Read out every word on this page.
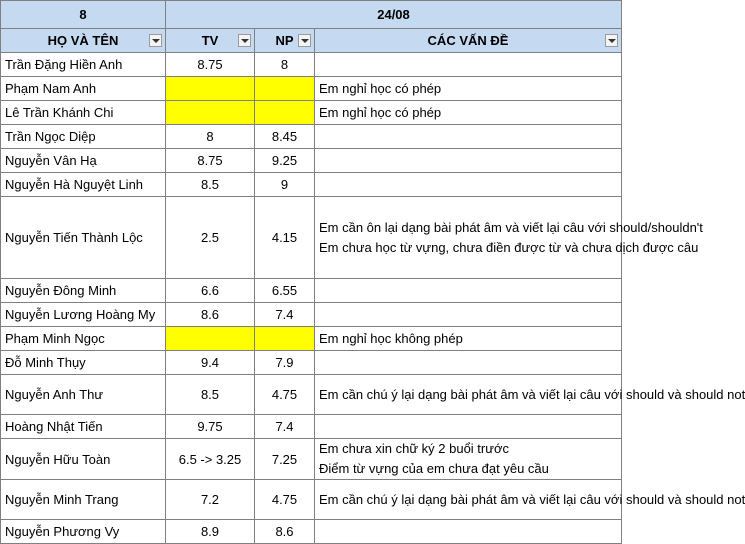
8	24/08		
HỌ VÀ TÊN	TV	NP	CÁC VẤN ĐỀ

Trần Đặng Hiền Anh	8.75	8	
Phạm Nam Anh			Em nghỉ học có phép
Lê Trần Khánh Chi			Em nghỉ học có phép
Trần Ngọc Diệp	8	8.45	
Nguyễn Vân Hạ	8.75	9.25	
Nguyễn Hà Nguyệt Linh	8.5	9	
Nguyễn Tiến Thành Lộc	2.5	4.15	Em cần ôn lại dạng bài phát âm và viết lại câu với should/shouldn't
Em chưa học từ vựng, chưa điền được từ và chưa dịch được câu
Nguyễn Đông Minh	6.6	6.55	
Nguyễn Lương Hoàng My	8.6	7.4	
Phạm Minh Ngọc			Em nghỉ học không phép
Đỗ Minh Thụy	9.4	7.9	
Nguyễn Anh Thư	8.5	4.75	Em cần chú ý lại dạng bài phát âm và viết lại câu với should và should not
Hoàng Nhật Tiến	9.75	7.4	
Nguyễn Hữu Toàn	6.5 -> 3.25	7.25	Em chưa xin chữ ký 2 buổi trước
Điểm từ vựng của em chưa đạt yêu cầu
Nguyễn Minh Trang	7.2	4.75	Em cần chú ý lại dạng bài phát âm và viết lại câu với should và should not
Nguyễn Phương Vy	8.9	8.6	
